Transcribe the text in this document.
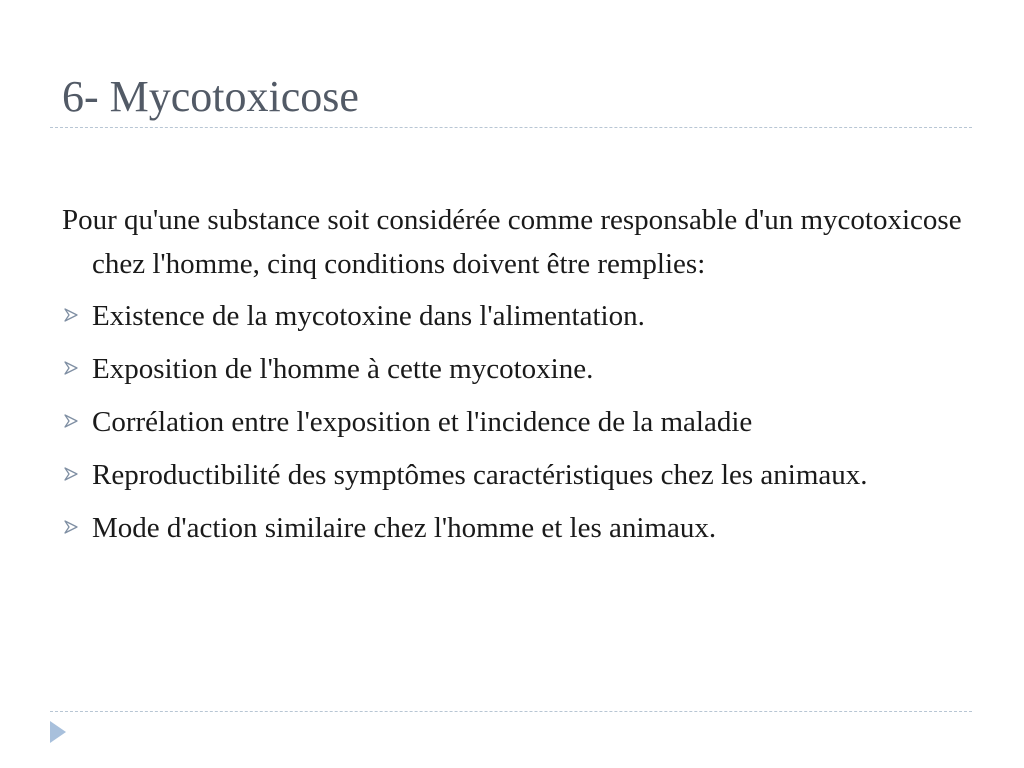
6- Mycotoxicose

Pour qu'une substance soit considérée comme responsable d'un mycotoxicose chez l'homme, cinq conditions doivent être remplies:

Existence de la mycotoxine dans l'alimentation.
Exposition de l'homme à cette mycotoxine.
Corrélation entre l'exposition et l'incidence de la maladie
Reproductibilité des symptômes caractéristiques chez les animaux.
Mode d'action similaire chez l'homme et les animaux.
